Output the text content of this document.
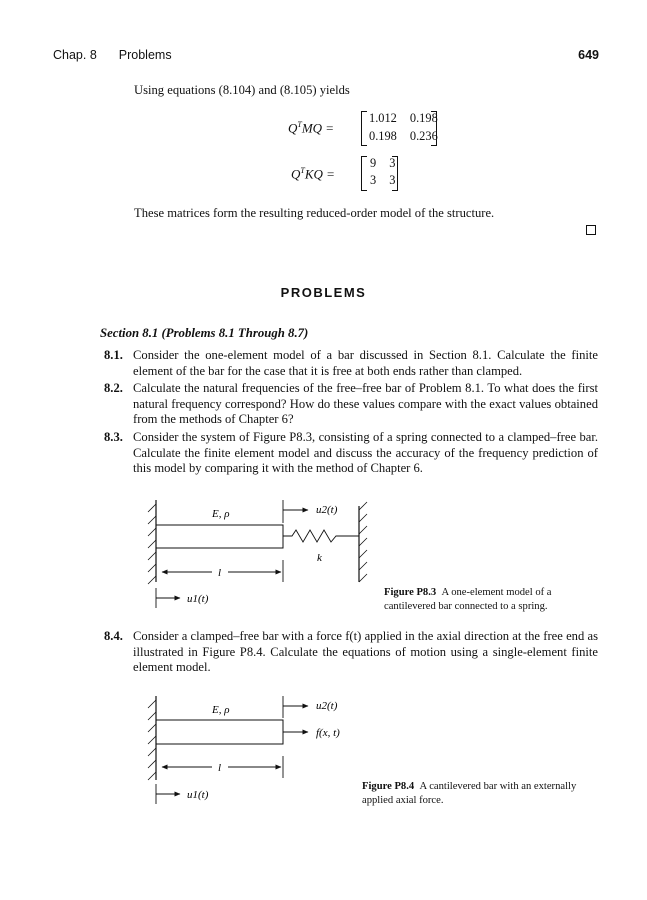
Chap. 8 Problems	649
Using equations (8.104) and (8.105) yields
$Q^TMQ$ =
1.012 0.198
0.198 0.236
$Q^TKQ$ =
9 3
3 3
These matrices form the resulting reduced-order model of the structure.
PROBLEMS
Section 8.1 (Problems 8.1 Through 8.7)
8.1. Consider the one-element model of a bar discussed in Section 8.1. Calculate the finite element of the bar for the case that it is free at both ends rather than clamped.
8.2. Calculate the natural frequencies of the free–free bar of Problem 8.1. To what does the first natural frequency correspond? How do these values compare with the exact values obtained from the methods of Chapter 6?
8.3. Consider the system of Figure P8.3, consisting of a spring connected to a clamped–free bar. Calculate the finite element model and discuss the accuracy of the frequency prediction of this model by comparing it with the method of Chapter 6.
u2(t)
E, ρ
k
l
u1(t)
Figure P8.3 A one-element model of a cantilevered bar connected to a spring.
8.4. Consider a clamped–free bar with a force f(t) applied in the axial direction at the free end as illustrated in Figure P8.4. Calculate the equations of motion using a single-element finite element model.
u2(t)
f(x, t)
E, ρ
l
u1(t)
Figure P8.4 A cantilevered bar with an externally applied axial force.
